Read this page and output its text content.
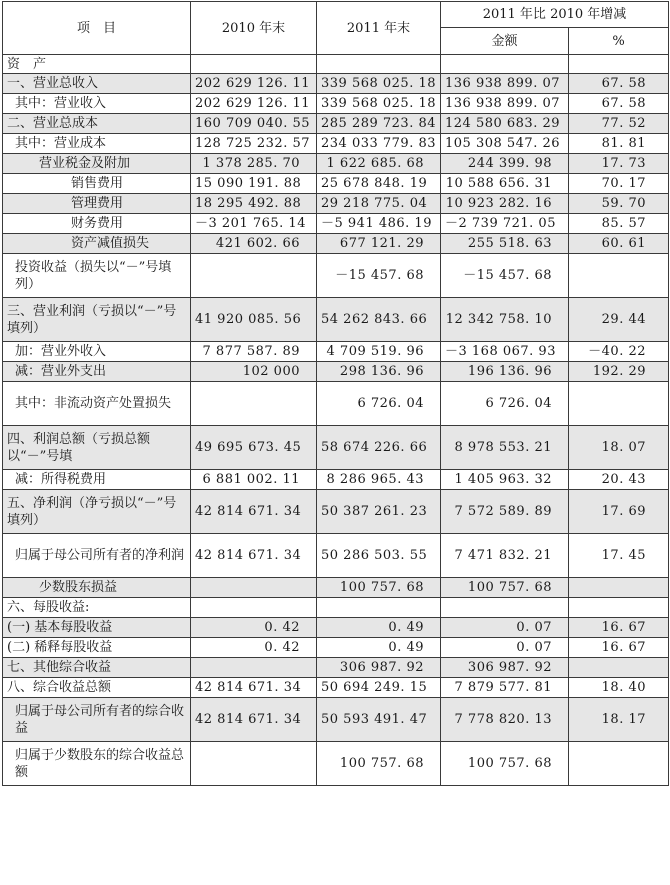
项　目	2010 年末	2011 年末	2011 年比 2010 年增减	
			金额	%
资　产				
一、营业总收入	202 629 126. 11	339 568 025. 18	136 938 899. 07	67. 58
其中：营业收入	202 629 126. 11	339 568 025. 18	136 938 899. 07	67. 58
二、营业总成本	160 709 040. 55	285 289 723. 84	124 580 683. 29	77. 52
其中：营业成本	128 725 232. 57	234 033 779. 83	105 308 547. 26	81. 81
营业税金及附加	1 378 285. 70	1 622 685. 68	244 399. 98	17. 73
销售费用	15 090 191. 88	25 678 848. 19	10 588 656. 31	70. 17
管理费用	18 295 492. 88	29 218 775. 04	10 923 282. 16	59. 70
财务费用	－3 201 765. 14	－5 941 486. 19	－2 739 721. 05	85. 57
资产减值损失	421 602. 66	677 121. 29	255 518. 63	60. 61
投资收益（损失以“－”号填列）		－15 457. 68	－15 457. 68	
三、营业利润（亏损以“－”号填列）	41 920 085. 56	54 262 843. 66	12 342 758. 10	29. 44
加：营业外收入	7 877 587. 89	4 709 519. 96	－3 168 067. 93	－40. 22
减：营业外支出	102 000	298 136. 96	196 136. 96	192. 29
其中：非流动资产处置损失		6 726. 04	6 726. 04	
四、利润总额（亏损总额以“－”号填	49 695 673. 45	58 674 226. 66	8 978 553. 21	18. 07
减：所得税费用	6 881 002. 11	8 286 965. 43	1 405 963. 32	20. 43
五、净利润（净亏损以“－”号填列）	42 814 671. 34	50 387 261. 23	7 572 589. 89	17. 69
归属于母公司所有者的净利润	42 814 671. 34	50 286 503. 55	7 471 832. 21	17. 45
少数股东损益		100 757. 68	100 757. 68	
六、每股收益:				
(一) 基本每股收益	0. 42	0. 49	0. 07	16. 67
(二) 稀释每股收益	0. 42	0. 49	0. 07	16. 67
七、其他综合收益		306 987. 92	306 987. 92	
八、综合收益总额	42 814 671. 34	50 694 249. 15	7 879 577. 81	18. 40
归属于母公司所有者的综合收益	42 814 671. 34	50 593 491. 47	7 778 820. 13	18. 17
归属于少数股东的综合收益总额		100 757. 68	100 757. 68	
